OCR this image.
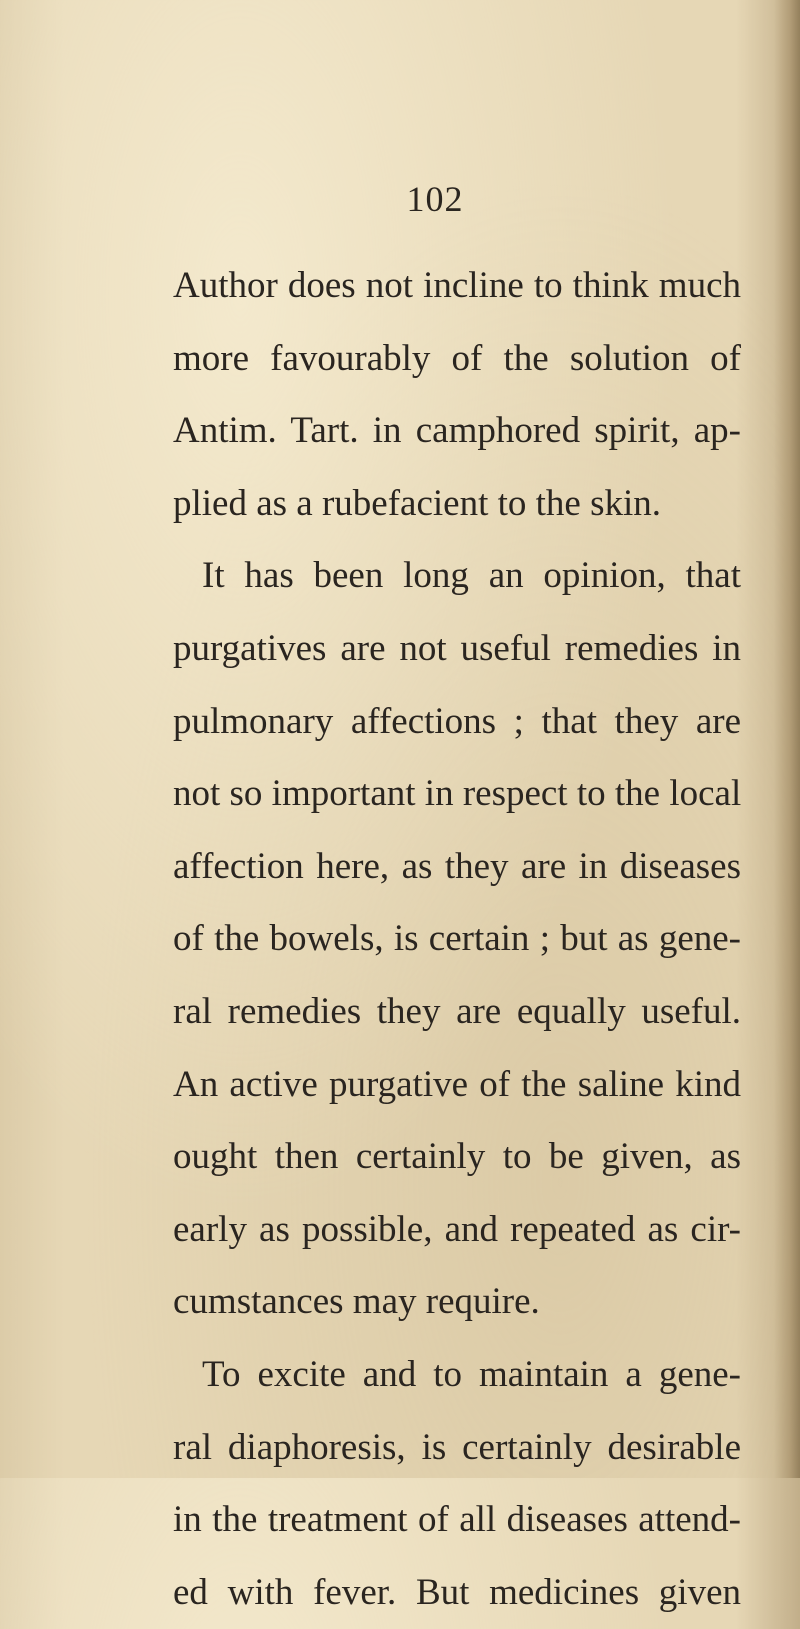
102
Author does not incline to think much
more favourably of the solution of
Antim. Tart. in camphored spirit, ap-
plied as a rubefacient to the skin.
It has been long an opinion, that
purgatives are not useful remedies in
pulmonary affections ; that they are
not so important in respect to the local
affection here, as they are in diseases
of the bowels, is certain ; but as gene-
ral remedies they are equally useful.
An active purgative of the saline kind
ought then certainly to be given, as
early as possible, and repeated as cir-
cumstances may require.
To excite and to maintain a gene-
ral diaphoresis, is certainly desirable
in the treatment of all diseases attend-
ed with fever. But medicines given
